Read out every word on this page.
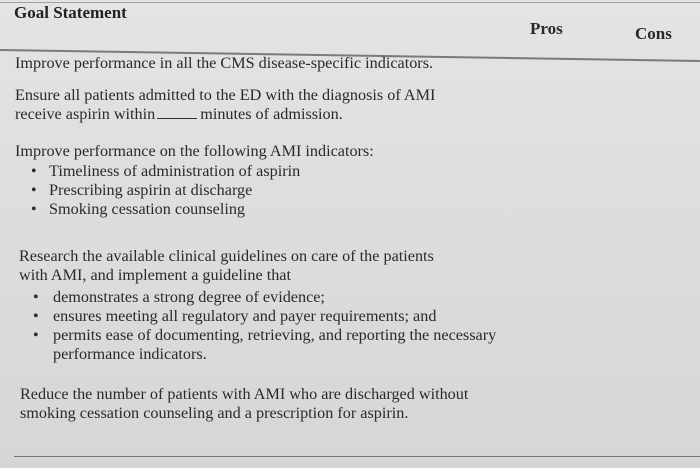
Goal Statement
Pros	Cons

Improve performance in all the CMS disease-specific indicators.

Ensure all patients admitted to the ED with the diagnosis of AMI
receive aspirin within	minutes of admission.

Improve performance on the following AMI indicators:

• Timeliness of administration of aspirin
• Prescribing aspirin at discharge
• Smoking cessation counseling
Research the available clinical guidelines on care of the patients
with AMI, and implement a guideline that
• demonstrates a strong degree of evidence;
• ensures meeting all regulatory and payer requirements; and
• permits ease of documenting, retrieving, and reporting the necessary performance indicators.

Reduce the number of patients with AMI who are discharged without smoking cessation counseling and a prescription for aspirin.
